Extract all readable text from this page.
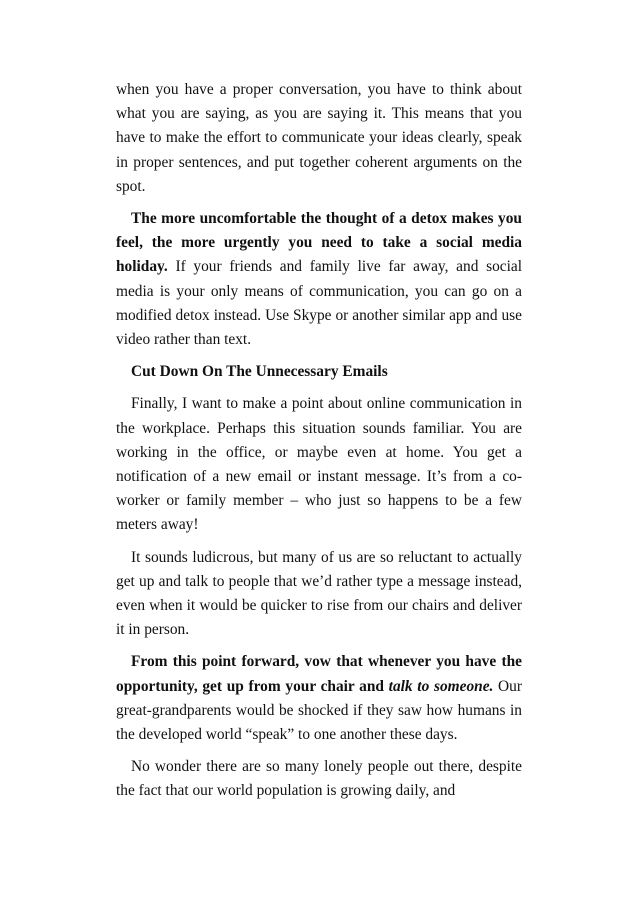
when you have a proper conversation, you have to think about what you are saying, as you are saying it. This means that you have to make the effort to communicate your ideas clearly, speak in proper sentences, and put together coherent arguments on the spot.

The more uncomfortable the thought of a detox makes you feel, the more urgently you need to take a social media holiday. If your friends and family live far away, and social media is your only means of communication, you can go on a modified detox instead. Use Skype or another similar app and use video rather than text.

Cut Down On The Unnecessary Emails

Finally, I want to make a point about online communication in the workplace. Perhaps this situation sounds familiar. You are working in the office, or maybe even at home. You get a notification of a new email or instant message. It’s from a co-worker or family member – who just so happens to be a few meters away!

It sounds ludicrous, but many of us are so reluctant to actually get up and talk to people that we’d rather type a message instead, even when it would be quicker to rise from our chairs and deliver it in person.

From this point forward, vow that whenever you have the opportunity, get up from your chair and talk to someone. Our great-grandparents would be shocked if they saw how humans in the developed world “speak” to one another these days.

No wonder there are so many lonely people out there, despite the fact that our world population is growing daily, and
